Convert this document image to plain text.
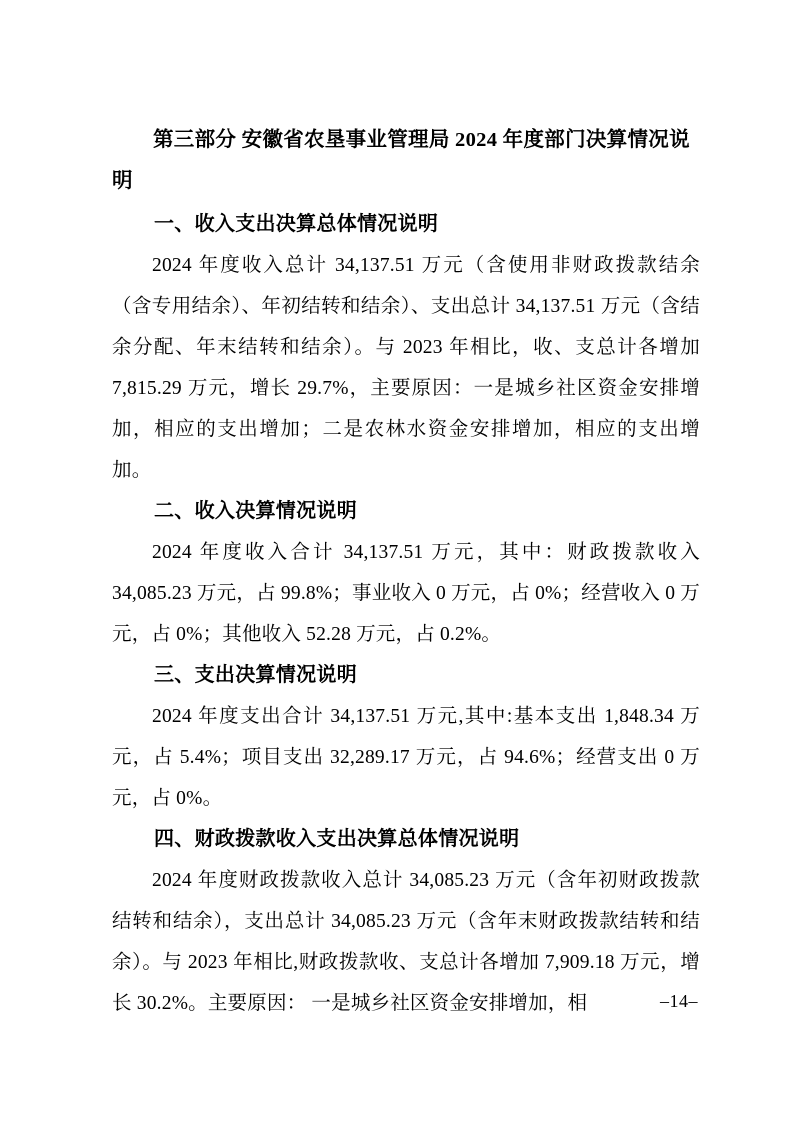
第三部分 安徽省农垦事业管理局 2024 年度部门决算情况说明

一、收入支出决算总体情况说明

2024 年度收入总计 34,137.51 万元（含使用非财政拨款结余（含专用结余）、年初结转和结余）、支出总计 34,137.51 万元（含结余分配、年末结转和结余）。与 2023 年相比，收、支总计各增加 7,815.29 万元，增长 29.7%，主要原因：一是城乡社区资金安排增加，相应的支出增加；二是农林水资金安排增加，相应的支出增加。

二、收入决算情况说明

2024 年度收入合计 34,137.51 万元，其中：财政拨款收入 34,085.23 万元，占 99.8%；事业收入 0 万元，占 0%；经营收入 0 万元，占 0%；其他收入 52.28 万元，占 0.2%。

三、支出决算情况说明

2024 年度支出合计 34,137.51 万元,其中:基本支出 1,848.34 万元，占 5.4%；项目支出 32,289.17 万元，占 94.6%；经营支出 0 万元，占 0%。

四、财政拨款收入支出决算总体情况说明

2024 年度财政拨款收入总计 34,085.23 万元（含年初财政拨款结转和结余），支出总计 34,085.23 万元（含年末财政拨款结转和结余）。与 2023 年相比,财政拨款收、支总计各增加 7,909.18 万元，增长 30.2%。主要原因： 一是城乡社区资金安排增加，相	–14–
